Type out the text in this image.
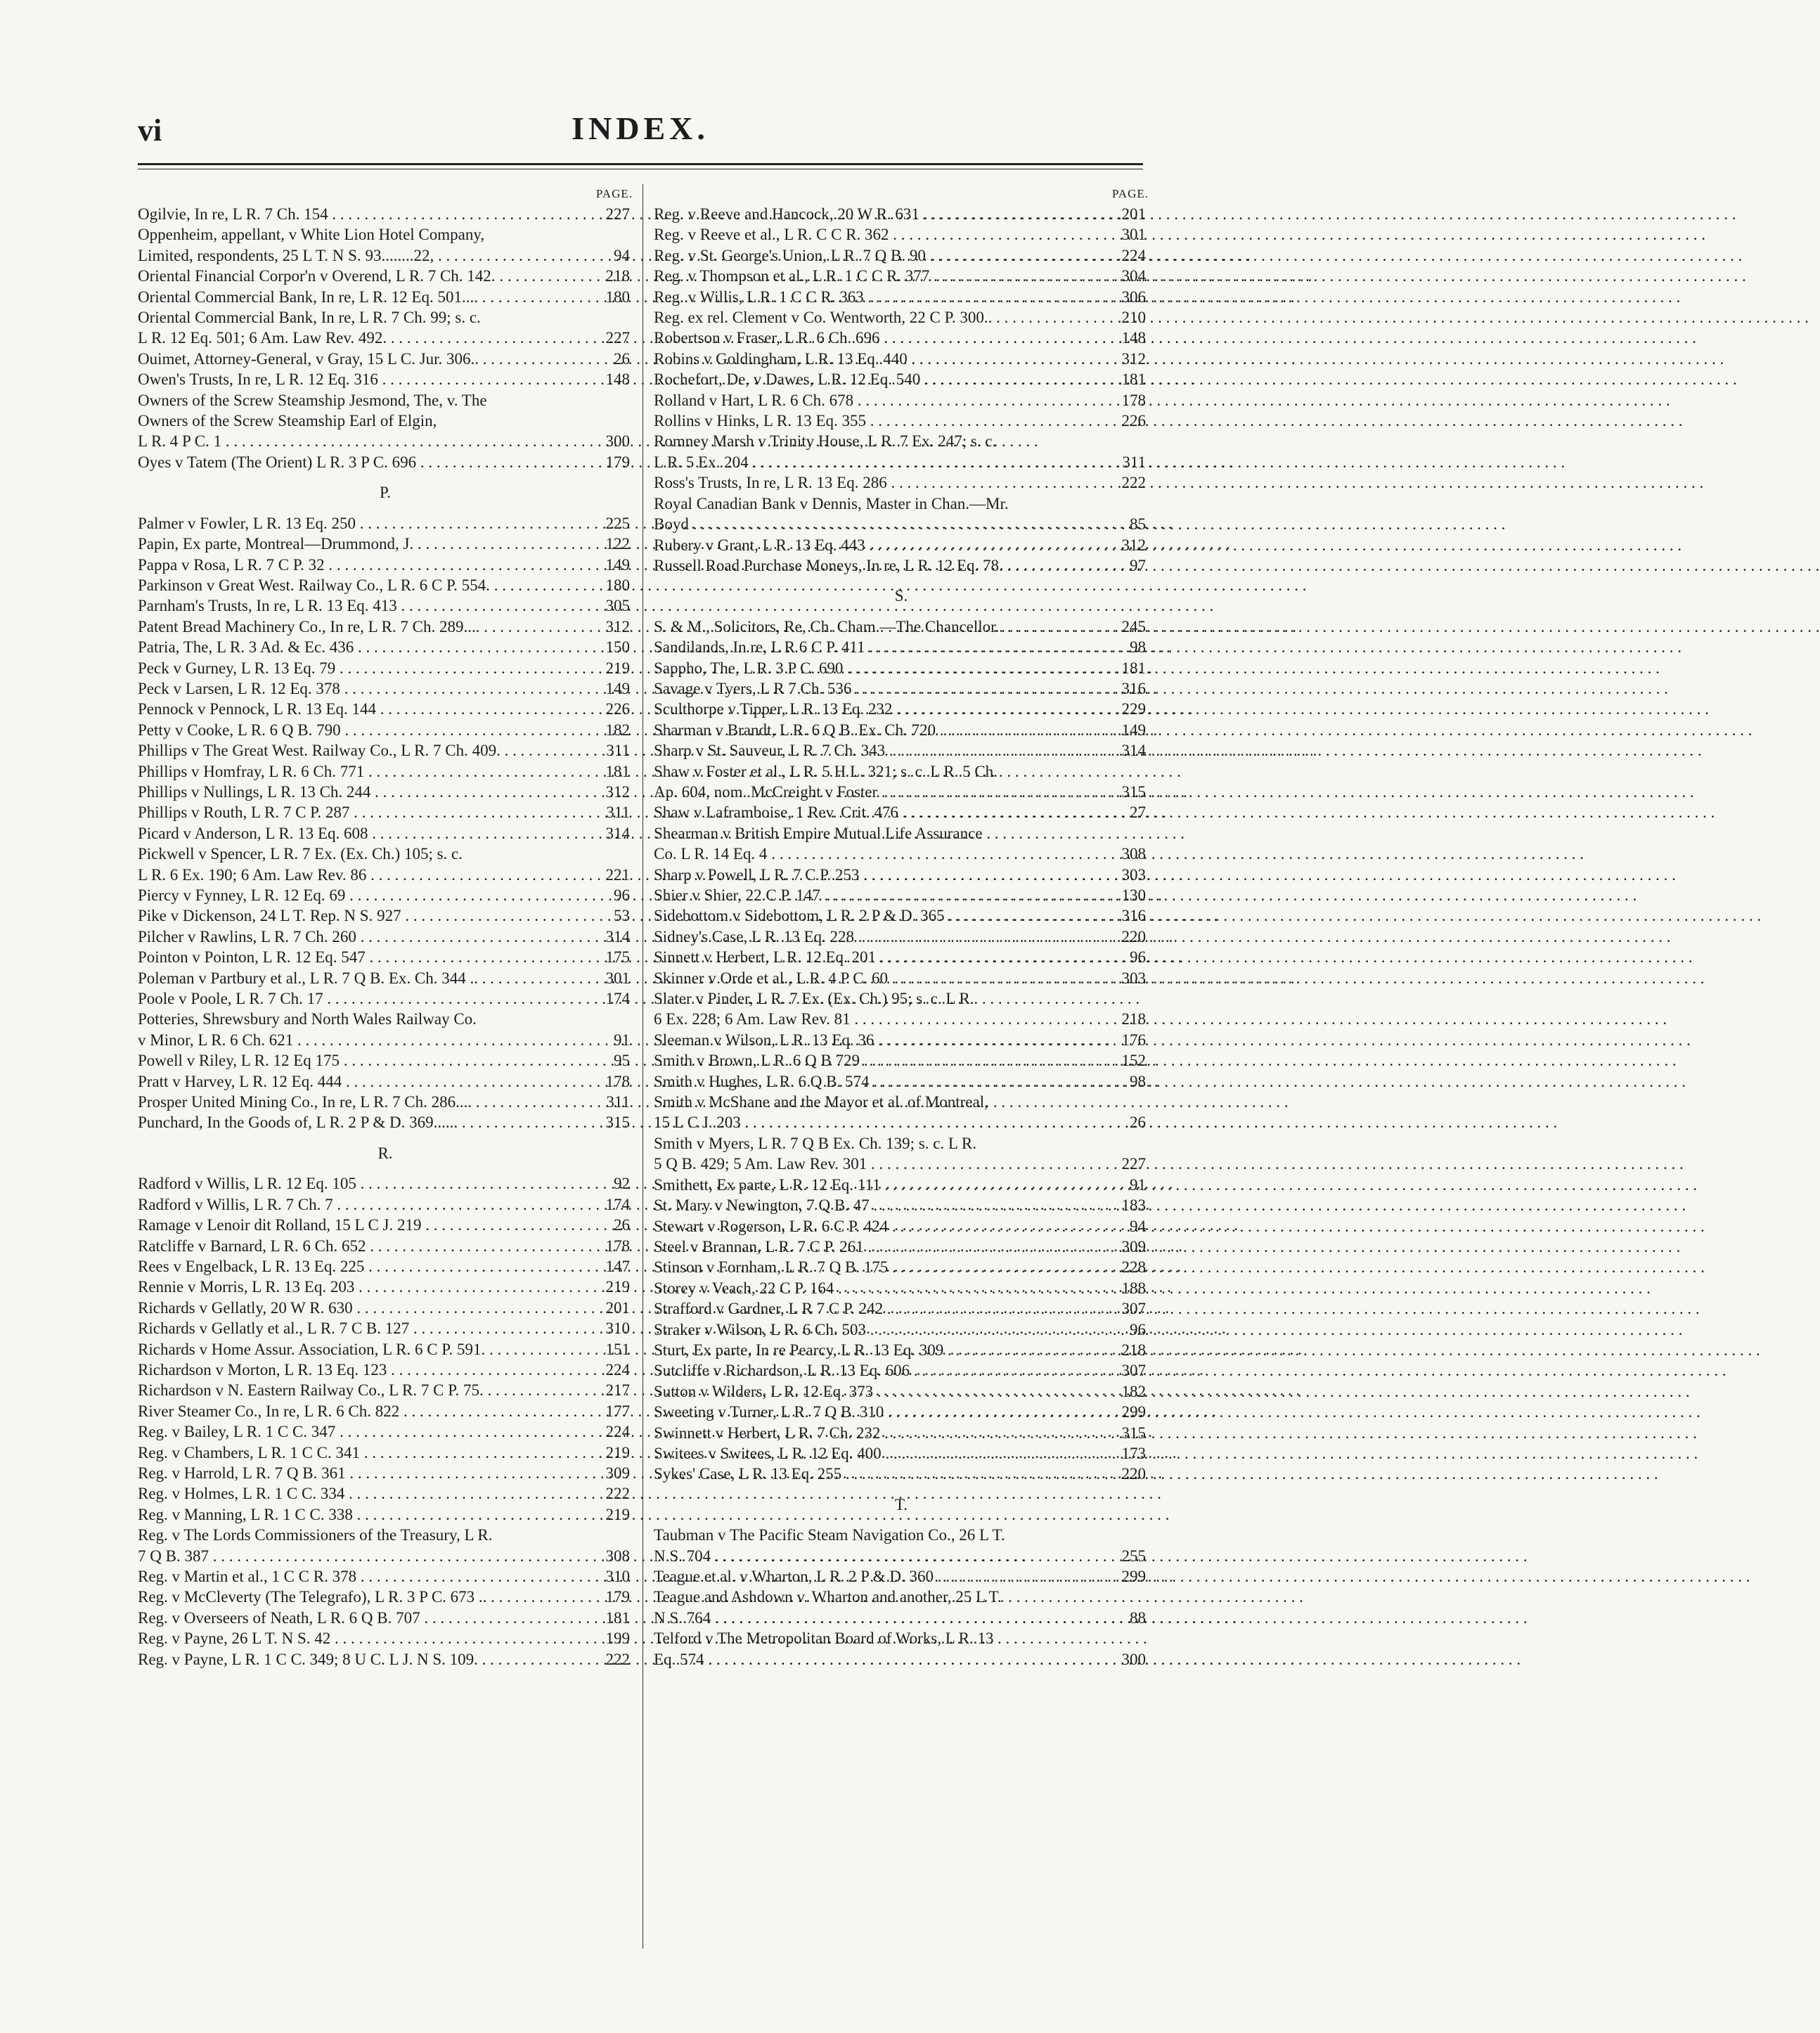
INDEX.
vi
PAGE.
Ogilvie, In re, L R. 7 Ch. 154 . . .	227
Oppenheim, appellant, v White Lion Hotel Company,
Limited, respondents, 25 L T. N S. 93........22, . . .	94
Oriental Financial Corpor'n v Overend, L R. 7 Ch. 142. . . .	218
Oriental Commercial Bank, In re, L R. 12 Eq. 501.... . . .	180
Oriental Commercial Bank, In re, L R. 7 Ch. 99; s. c.
L R. 12 Eq. 501; 6 Am. Law Rev. 492. . . .	227
Ouimet, Attorney-General, v Gray, 15 L C. Jur. 306.. . . .	26
Owen's Trusts, In re, L R. 12 Eq. 316 . . .	148
Owners of the Screw Steamship Jesmond, The, v. The
Owners of the Screw Steamship Earl of Elgin,
L R. 4 P C. 1 . . .	300
Oyes v Tatem (The Orient) L R. 3 P C. 696 . . .	179
P.
Palmer v Fowler, L R. 13 Eq. 250 . . .	225
Papin, Ex parte, Montreal—Drummond, J. . . .	122
Pappa v Rosa, L R. 7 C P. 32 . . .	149
Parkinson v Great West. Railway Co., L R. 6 C P. 554. . . .	180
Parnham's Trusts, In re, L R. 13 Eq. 413 . . .	305
Patent Bread Machinery Co., In re, L R. 7 Ch. 289.... . . .	312
Patria, The, L R. 3 Ad. & Ec. 436 . . .	150
Peck v Gurney, L R. 13 Eq. 79 . . .	219
Peck v Larsen, L R. 12 Eq. 378 . . .	149
Pennock v Pennock, L R. 13 Eq. 144 . . .	226
Petty v Cooke, L R. 6 Q B. 790 . . .	182
Phillips v The Great West. Railway Co., L R. 7 Ch. 409. . . .	311
Phillips v Homfray, L R. 6 Ch. 771 . . .	181
Phillips v Nullings, L R. 13 Ch. 244 . . .	312
Phillips v Routh, L R. 7 C P. 287 . . .	311
Picard v Anderson, L R. 13 Eq. 608 . . .	314
Pickwell v Spencer, L R. 7 Ex. (Ex. Ch.) 105; s. c.
L R. 6 Ex. 190; 6 Am. Law Rev. 86 . . .	221
Piercy v Fynney, L R. 12 Eq. 69 . . .	96
Pike v Dickenson, 24 L T. Rep. N S. 927 . . .	53
Pilcher v Rawlins, L R. 7 Ch. 260 . . .	314
Pointon v Pointon, L R. 12 Eq. 547 . . .	175
Poleman v Partbury et al., L R. 7 Q B. Ex. Ch. 344 .. . . .	301
Poole v Poole, L R. 7 Ch. 17 . . .	174
Potteries, Shrewsbury and North Wales Railway Co.
v Minor, L R. 6 Ch. 621 . . .	91
Powell v Riley, L R. 12 Eq 175 . . .	95
Pratt v Harvey, L R. 12 Eq. 444 . . .	178
Prosper United Mining Co., In re, L R. 7 Ch. 286.... . . .	311
Punchard, In the Goods of, L R. 2 P & D. 369...... . . .	315
R.
Radford v Willis, L R. 12 Eq. 105 . . .	92
Radford v Willis, L R. 7 Ch. 7 . . .	174
Ramage v Lenoir dit Rolland, 15 L C J. 219 . . .	26
Ratcliffe v Barnard, L R. 6 Ch. 652 . . .	178
Rees v Engelback, L R. 13 Eq. 225 . . .	147
Rennie v Morris, L R. 13 Eq. 203 . . .	219
Richards v Gellatly, 20 W R. 630 . . .	201
Richards v Gellatly et al., L R. 7 C B. 127 . . .	310
Richards v Home Assur. Association, L R. 6 C P. 591. . . .	151
Richardson v Morton, L R. 13 Eq. 123 . . .	224
Richardson v N. Eastern Railway Co., L R. 7 C P. 75. . . .	217
River Steamer Co., In re, L R. 6 Ch. 822 . . .	177
Reg. v Bailey, L R. 1 C C. 347 . . .	224
Reg. v Chambers, L R. 1 C C. 341 . . .	219
Reg. v Harrold, L R. 7 Q B. 361 . . .	309
Reg. v Holmes, L R. 1 C C. 334 . . .	222
Reg. v Manning, L R. 1 C C. 338 . . .	219
Reg. v The Lords Commissioners of the Treasury, L R.
7 Q B. 387 . . .	308
Reg. v Martin et al., 1 C C R. 378 . . .	310
Reg. v McCleverty (The Telegrafo), L R. 3 P C. 673 .. . . .	179
Reg. v Overseers of Neath, L R. 6 Q B. 707 . . .	181
Reg. v Payne, 26 L T. N S. 42 . . .	199
Reg. v Payne, L R. 1 C C. 349; 8 U C. L J. N S. 109. . . .	222
PAGE.
Reg. v Reeve and Hancock, 20 W R. 631 . . .	201
Reg. v Reeve et al., L R. C C R. 362 . . .	301
Reg. v St. George's Union, L R. 7 Q B. 90 . . .	224
Reg. v Thompson et al., L R. 1 C C R. 377 . . .	304
Reg. v Willis, L R. 1 C C R. 363 . . .	306
Reg. ex rel. Clement v Co. Wentworth, 22 C P. 300.. . . .	210
Robertson v Fraser, L R. 6 Ch. 696 . . .	148
Robins v Goldingham, L R. 13 Eq. 440 . . .	312
Rochefort, De, v Dawes, L R. 12 Eq. 540 . . .	181
Rolland v Hart, L R. 6 Ch. 678 . . .	178
Rollins v Hinks, L R. 13 Eq. 355 . . .	226
Romney Marsh v Trinity House, L R. 7 Ex. 247; s. c.
L R. 5 Ex. 204 . . .	311
Ross's Trusts, In re, L R. 13 Eq. 286 . . .	222
Royal Canadian Bank v Dennis, Master in Chan.—Mr.
Boyd . . .	85
Rubery v Grant, L R. 13 Eq. 443 . . .	312
Russell Road Purchase Moneys, In re, L R. 12 Eq. 78. . . .	97
S.
S. & M., Solicitors, Re, Ch. Cham.—The Chancellor.. . . .	245
Sandilands, In re, L R 6 C P. 411 . . .	98
Sappho, The, L R. 3 P C. 690 . . .	181
Savage v Tyers, L R 7 Ch. 536 . . .	316
Sculthorpe v Tipper, L R. 13 Eq. 232 . . .	229
Sharman v Brandt, L R. 6 Q B. Ex. Ch. 720 . . .	149
Sharp v St. Sauveur, L R. 7 Ch. 343 . . .	314
Shaw v Foster et al., L R. 5 H L. 321; s. c. L R. 5 Ch.
Ap. 604, nom. McCreight v Foster . . .	315
Shaw v Laframboise, 1 Rev. Crit. 476 . . .	27
Shearman v British Empire Mutual Life Assurance
Co. L R. 14 Eq. 4 . . .	308
Sharp v Powell, L R. 7 C P. 253 . . .	303
Shier v Shier, 22 C P. 147 . . .	130
Sidebottom v Sidebottom, L R. 2 P & D. 365 . . .	316
Sidney's Case, L R. 13 Eq. 228 . . .	220
Sinnett v Herbert, L R. 12 Eq. 201 . . .	96
Skinner v Orde et al., L R. 4 P C. 60 . . .	303
Slater v Pinder, L R. 7 Ex. (Ex. Ch.) 95; s. c. L R.
6 Ex. 228; 6 Am. Law Rev. 81 . . .	218
Sleeman v Wilson, L R. 13 Eq. 36 . . .	176
Smith v Brown, L R. 6 Q B 729 . . .	152
Smith v Hughes, L R. 6 Q B. 574 . . .	98
Smith v McShane and the Mayor et al. of Montreal,
15 L C J. 203 . . .	26
Smith v Myers, L R. 7 Q B Ex. Ch. 139; s. c. L R.
5 Q B. 429; 5 Am. Law Rev. 301 . . .	227
Smithett, Ex parte, L R. 12 Eq. 111 . . .	91
St. Mary v Newington, 7 Q B. 47 . . .	183
Stewart v Rogerson, L R. 6 C P. 424 . . .	94
Steel v Brannan, L R. 7 C P. 261 . . .	309
Stinson v Fornham, L R. 7 Q B. 175 . . .	228
Storey v Veach, 22 C P. 164 . . .	188
Strafford v Gardner, L R 7 C P. 242 . . .	307
Straker v Wilson, L R. 6 Ch. 503 . . .	96
Sturt, Ex parte, In re Pearcy, L R. 13 Eq. 309 . . .	218
Sutcliffe v Richardson, L R. 13 Eq. 606 . . .	307
Sutton v Wilders, L R. 12 Eq. 373 . . .	182
Sweeting v Turner, L R. 7 Q B. 310 . . .	299
Swinnett v Herbert, L R. 7 Ch. 232 . . .	315
Switees v Switees, L R. 12 Eq. 400 . . .	173
Sykes' Case, L R. 13 Eq. 255 . . .	220
T.
Taubman v The Pacific Steam Navigation Co., 26 L T.
N S. 704 . . .	255
Teague et al. v Wharton, L R. 2 P & D. 360 . . .	299
Teague and Ashdown v. Wharton and another, 25 L T.
N S. 764 . . .	88
Telford v The Metropolitan Board of Works, L R. 13
Eq. 574 . . .	300
